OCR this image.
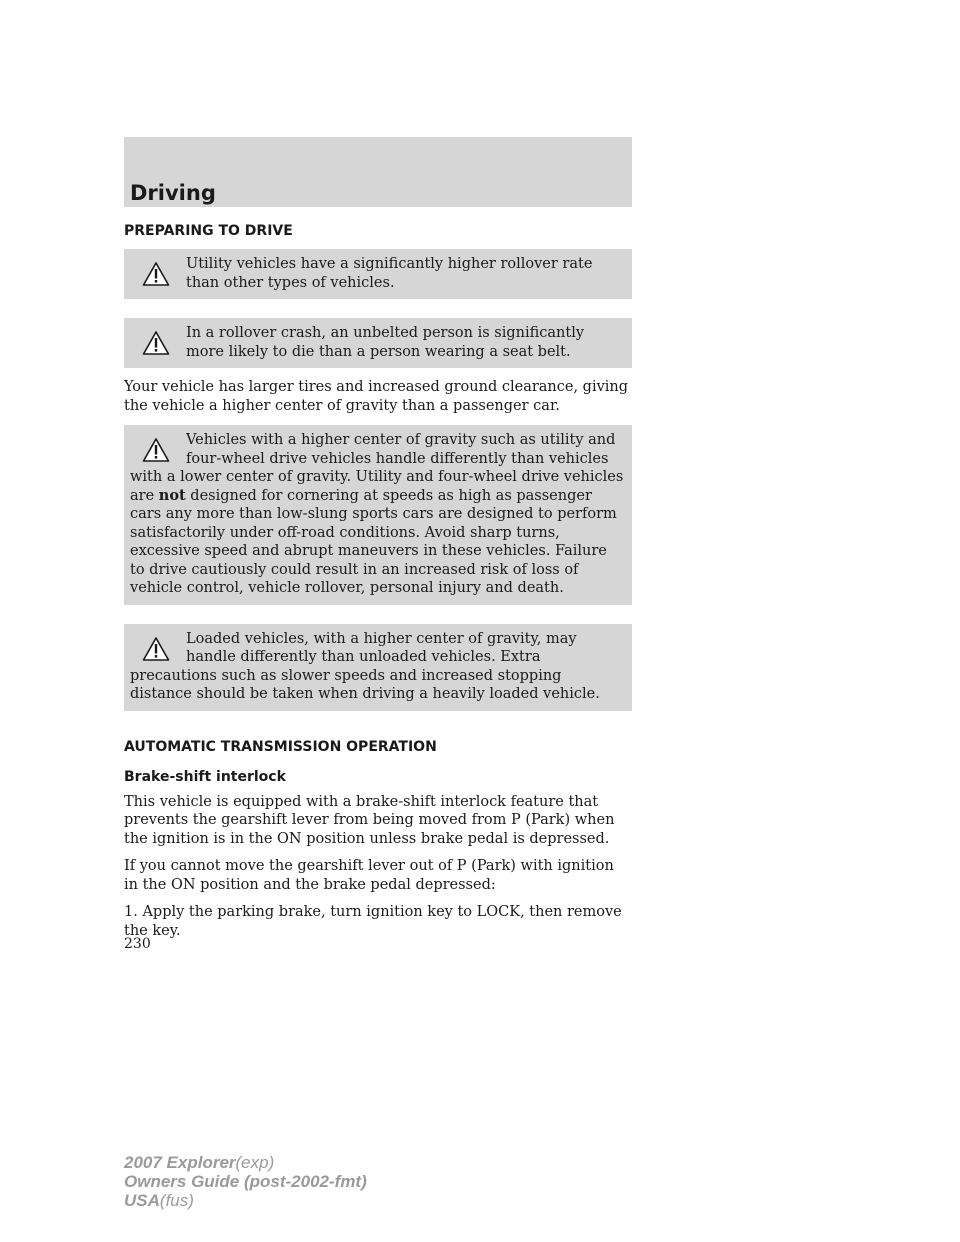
Driving
PREPARING TO DRIVE

Utility vehicles have a significantly higher rollover rate than other types of vehicles.

In a rollover crash, an unbelted person is significantly more likely to die than a person wearing a seat belt.

Your vehicle has larger tires and increased ground clearance, giving the vehicle a higher center of gravity than a passenger car.

Vehicles with a higher center of gravity such as utility and four-wheel drive vehicles handle differently than vehicles with a lower center of gravity. Utility and four-wheel drive vehicles are not designed for cornering at speeds as high as passenger cars any more than low-slung sports cars are designed to perform satisfactorily under off-road conditions. Avoid sharp turns, excessive speed and abrupt maneuvers in these vehicles. Failure to drive cautiously could result in an increased risk of loss of vehicle control, vehicle rollover, personal injury and death.

Loaded vehicles, with a higher center of gravity, may handle differently than unloaded vehicles. Extra precautions such as slower speeds and increased stopping distance should be taken when driving a heavily loaded vehicle.

AUTOMATIC TRANSMISSION OPERATION
Brake-shift interlock

This vehicle is equipped with a brake-shift interlock feature that prevents the gearshift lever from being moved from P (Park) when the ignition is in the ON position unless brake pedal is depressed.

If you cannot move the gearshift lever out of P (Park) with ignition in the ON position and the brake pedal depressed:

1. Apply the parking brake, turn ignition key to LOCK, then remove the key.

230

2007 Explorer(exp)
Owners Guide (post-2002-fmt)
USA(fus)
